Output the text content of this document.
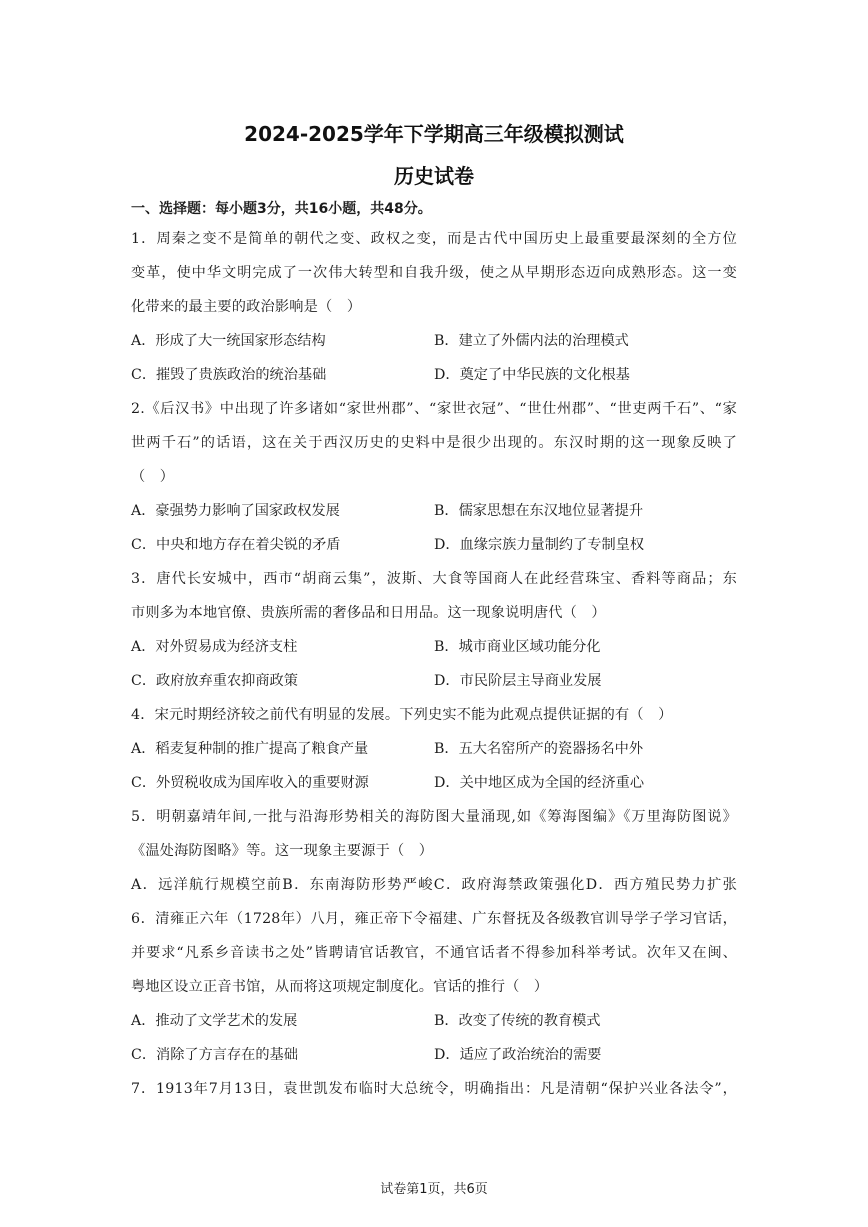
2024-2025学年下学期高三年级模拟测试
历史试卷
一、选择题：每小题3分，共16小题，共48分。
1．周秦之变不是简单的朝代之变、政权之变，而是古代中国历史上最重要最深刻的全方位
变革，使中华文明完成了一次伟大转型和自我升级，使之从早期形态迈向成熟形态。这一变
化带来的最主要的政治影响是（　）
A．形成了大一统国家形态结构	B．建立了外儒内法的治理模式
C．摧毁了贵族政治的统治基础	D．奠定了中华民族的文化根基
2.《后汉书》中出现了许多诸如“家世州郡”、“家世衣冠”、“世仕州郡”、“世吏两千石”、“家
世两千石”的话语，这在关于西汉历史的史料中是很少出现的。东汉时期的这一现象反映了
（　）
A．豪强势力影响了国家政权发展	B．儒家思想在东汉地位显著提升
C．中央和地方存在着尖锐的矛盾	D．血缘宗族力量制约了专制皇权
3．唐代长安城中，西市“胡商云集”，波斯、大食等国商人在此经营珠宝、香料等商品；东
市则多为本地官僚、贵族所需的奢侈品和日用品。这一现象说明唐代（　）
A．对外贸易成为经济支柱	B．城市商业区域功能分化
C．政府放弃重农抑商政策	D．市民阶层主导商业发展
4．宋元时期经济较之前代有明显的发展。下列史实不能为此观点提供证据的有（　）
A．稻麦复种制的推广提高了粮食产量	B．五大名窑所产的瓷器扬名中外
C．外贸税收成为国库收入的重要财源	D．关中地区成为全国的经济重心
5．明朝嘉靖年间,一批与沿海形势相关的海防图大量涌现,如《筹海图编》《万里海防图说》
《温处海防图略》等。这一现象主要源于（　）
A．远洋航行规模空前B．东南海防形势严峻C．政府海禁政策强化D．西方殖民势力扩张
6．清雍正六年（1728年）八月，雍正帝下令福建、广东督抚及各级教官训导学子学习官话，
并要求“凡系乡音读书之处”皆聘请官话教官，不通官话者不得参加科举考试。次年又在闽、
粤地区设立正音书馆，从而将这项规定制度化。官话的推行（　）
A．推动了文学艺术的发展	B．改变了传统的教育模式
C．消除了方言存在的基础	D．适应了政治统治的需要
7．1913年7月13日，袁世凯发布临时大总统令，明确指出：凡是清朝“保护兴业各法令”，
试卷第1页，共6页
